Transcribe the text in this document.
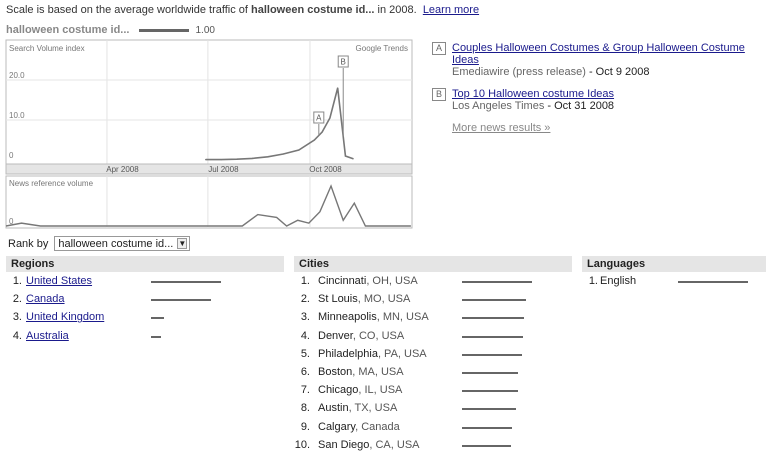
Scale is based on the average worldwide traffic of halloween costume id... in 2008. Learn more
halloween costume id...	1.00
Search Volume index	Google Trends
20.0
10.0
0
Apr 2008	Jul 2008	Oct 2008
A
B
News reference volume
0
A Couples Halloween Costumes & Group Halloween Costume Ideas
Emediawire (press release) - Oct 9 2008
B Top 10 Halloween costume Ideas
Los Angeles Times - Oct 31 2008
More news results »
Rank by halloween costume id... ▼
Regions
1. United States
2. Canada
3. United Kingdom
4. Australia
Cities
1. Cincinnati, OH, USA
2. St Louis, MO, USA
3. Minneapolis, MN, USA
4. Denver, CO, USA
5. Philadelphia, PA, USA
6. Boston, MA, USA
7. Chicago, IL, USA
8. Austin, TX, USA
9. Calgary, Canada
10. San Diego, CA, USA
Languages
1. English
